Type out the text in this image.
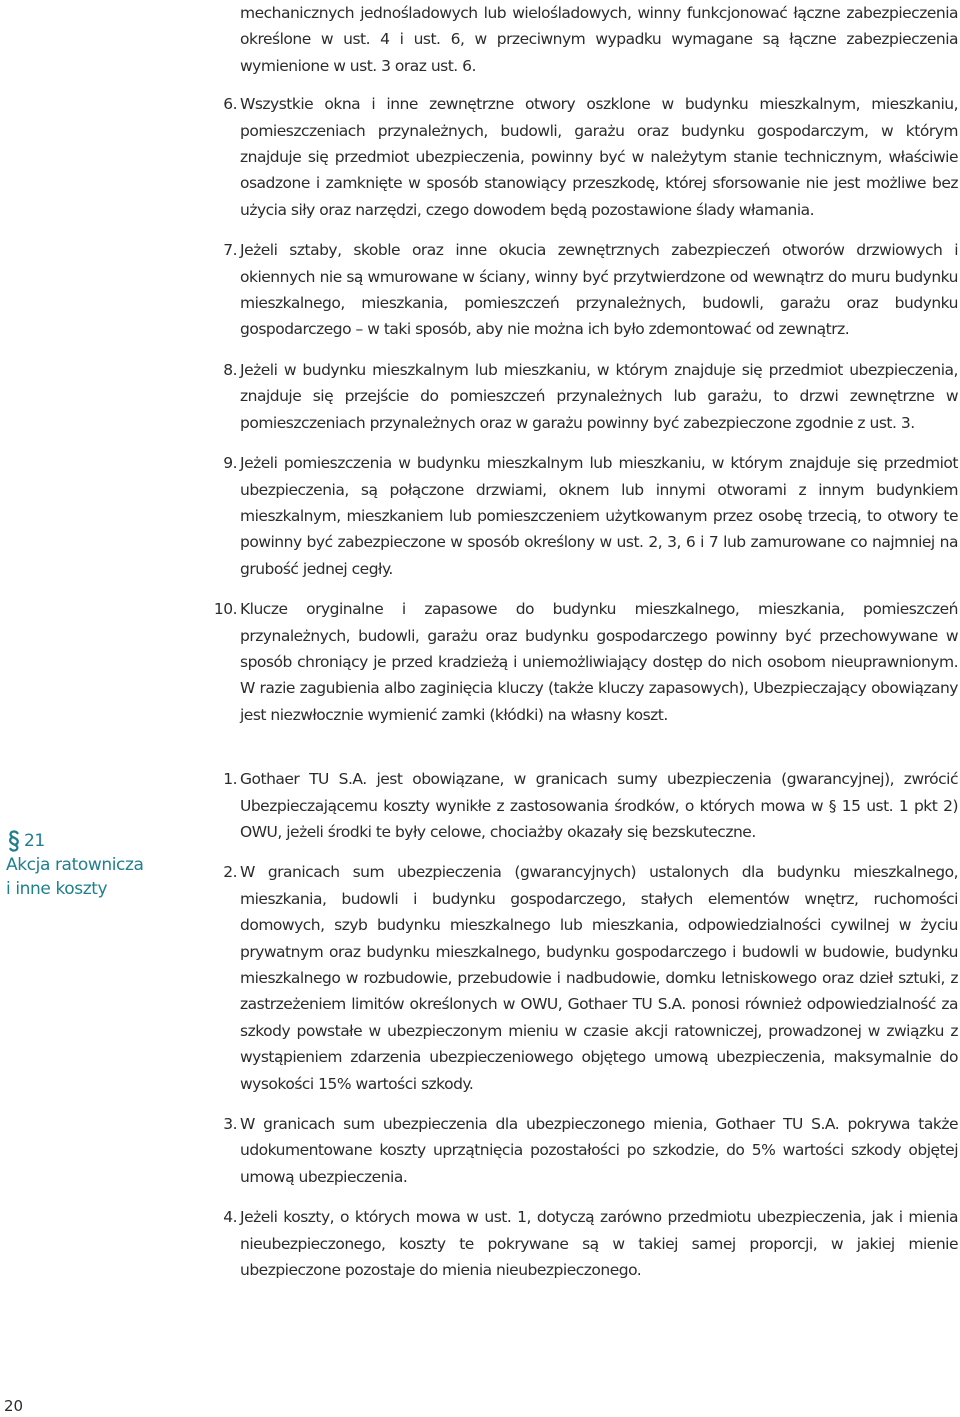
mechanicznych jednośladowych lub wielośladowych, winny funkcjonować łączne zabezpieczenia określone w ust. 4 i ust. 6, w przeciwnym wypadku wymagane są łączne zabezpieczenia wymienione w ust. 3 oraz ust. 6.

6. Wszystkie okna i inne zewnętrzne otwory oszklone w budynku mieszkalnym, mieszkaniu, pomieszczeniach przynależnych, budowli, garażu oraz budynku gospodarczym, w którym znajduje się przedmiot ubezpieczenia, powinny być w należytym stanie technicznym, właściwie osadzone i zamknięte w sposób stanowiący przeszkodę, której sforsowanie nie jest możliwe bez użycia siły oraz narzędzi, czego dowodem będą pozostawione ślady włamania.
7. Jeżeli sztaby, skoble oraz inne okucia zewnętrznych zabezpieczeń otworów drzwiowych i okiennych nie są wmurowane w ściany, winny być przytwierdzone od wewnątrz do muru budynku mieszkalnego, mieszkania, pomieszczeń przynależnych, budowli, garażu oraz budynku gospodarczego – w taki sposób, aby nie można ich było zdemontować od zewnątrz.
8. Jeżeli w budynku mieszkalnym lub mieszkaniu, w którym znajduje się przedmiot ubezpieczenia, znajduje się przejście do pomieszczeń przynależnych lub garażu, to drzwi zewnętrzne w pomieszczeniach przynależnych oraz w garażu powinny być zabezpieczone zgodnie z ust. 3.
9. Jeżeli pomieszczenia w budynku mieszkalnym lub mieszkaniu, w którym znajduje się przedmiot ubezpieczenia, są połączone drzwiami, oknem lub innymi otworami z innym budynkiem mieszkalnym, mieszkaniem lub pomieszczeniem użytkowanym przez osobę trzecią, to otwory te powinny być zabezpieczone w sposób określony w ust. 2, 3, 6 i 7 lub zamurowane co najmniej na grubość jednej cegły.
10. Klucze oryginalne i zapasowe do budynku mieszkalnego, mieszkania, pomieszczeń przynależnych, budowli, garażu oraz budynku gospodarczego powinny być przechowywane w sposób chroniący je przed kradzieżą i uniemożliwiający dostęp do nich osobom nieuprawnionym. W razie zagubienia albo zaginięcia kluczy (także kluczy zapasowych), Ubezpieczający obowiązany jest niezwłocznie wymienić zamki (kłódki) na własny koszt.
1. Gothaer TU S.A. jest obowiązane, w granicach sumy ubezpieczenia (gwarancyjnej), zwrócić Ubezpieczającemu koszty wynikłe z zastosowania środków, o których mowa w § 15 ust. 1 pkt 2) OWU, jeżeli środki te były celowe, chociażby okazały się bezskuteczne.
2. W granicach sum ubezpieczenia (gwarancyjnych) ustalonych dla budynku mieszkalnego, mieszkania, budowli i budynku gospodarczego, stałych elementów wnętrz, ruchomości domowych, szyb budynku mieszkalnego lub mieszkania, odpowiedzialności cywilnej w życiu prywatnym oraz budynku mieszkalnego, budynku gospodarczego i budowli w budowie, budynku mieszkalnego w rozbudowie, przebudowie i nadbudowie, domku letniskowego oraz dzieł sztuki, z zastrzeżeniem limitów określonych w OWU, Gothaer TU S.A. ponosi również odpowiedzialność za szkody powstałe w ubezpieczonym mieniu w czasie akcji ratowniczej, prowadzonej w związku z wystąpieniem zdarzenia ubezpieczeniowego objętego umową ubezpieczenia, maksymalnie do wysokości 15% wartości szkody.
3. W granicach sum ubezpieczenia dla ubezpieczonego mienia, Gothaer TU S.A. pokrywa także udokumentowane koszty uprzątnięcia pozostałości po szkodzie, do 5% wartości szkody objętej umową ubezpieczenia.
4. Jeżeli koszty, o których mowa w ust. 1, dotyczą zarówno przedmiotu ubezpieczenia, jak i mienia nieubezpieczonego, koszty te pokrywane są w takiej samej proporcji, w jakiej mienie ubezpieczone pozostaje do mienia nieubezpieczonego.
21
Akcja ratownicza
i inne koszty
20
